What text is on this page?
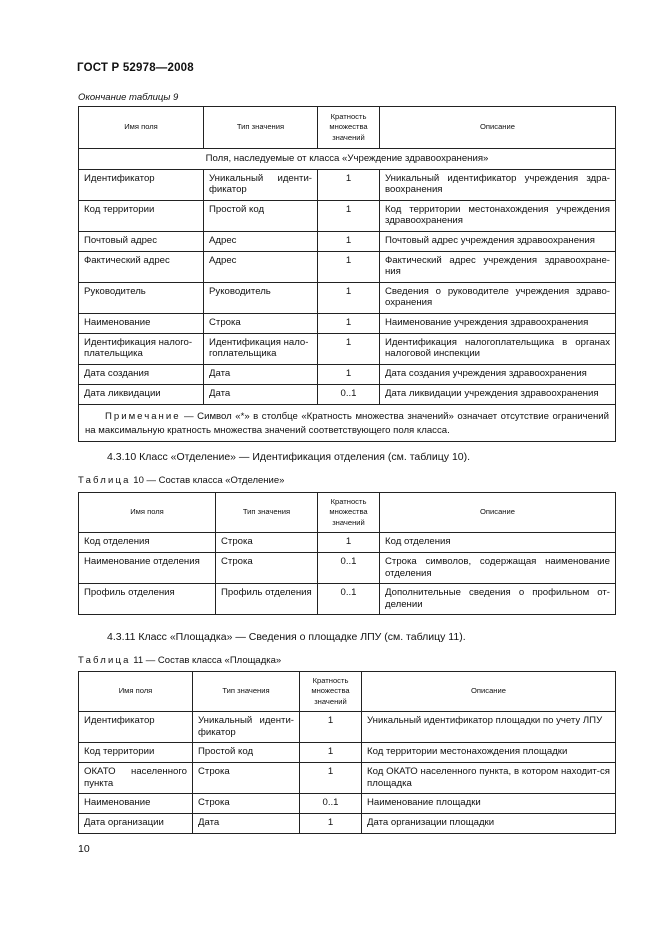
ГОСТ Р 52978—2008
Окончание таблицы 9
Имя поля	Тип значения	Кратность множества значений	Описание
Поля, наследуемые от класса «Учреждение здравоохранения»			
Идентификатор	Уникальный иденти-фикатор	1	Уникальный идентификатор учреждения здра-воохранения
Код территории	Простой код	1	Код территории местонахождения учреждения здравоохранения
Почтовый адрес	Адрес	1	Почтовый адрес учреждения здравоохранения
Фактический адрес	Адрес	1	Фактический адрес учреждения здравоохране-ния
Руководитель	Руководитель	1	Сведения о руководителе учреждения здраво-охранения
Наименование	Строка	1	Наименование учреждения здравоохранения
Идентификация налого-плательщика	Идентификация нало-гоплательщика	1	Идентификация налогоплательщика в органах налоговой инспекции
Дата создания	Дата	1	Дата создания учреждения здравоохранения
Дата ликвидации	Дата	0..1	Дата ликвидации учреждения здравоохранения
Примечание — Символ «*» в столбце «Кратность множества значений» означает отсутствие ограничений на максимальную кратность множества значений соответствующего поля класса.			
4.3.10 Класс «Отделение» — Идентификация отделения (см. таблицу 10).
Таблица 10 — Состав класса «Отделение»
Имя поля	Тип значения	Кратность множества значений	Описание
Код отделения	Строка	1	Код отделения
Наименование отделения	Строка	0..1	Строка символов, содержащая наименование отделения
Профиль отделения	Профиль отделения	0..1	Дополнительные сведения о профильном от-делении
4.3.11 Класс «Площадка» — Сведения о площадке ЛПУ (см. таблицу 11).
Таблица 11 — Состав класса «Площадка»
Имя поля	Тип значения	Кратность множества значений	Описание
Идентификатор	Уникальный иденти-фикатор	1	Уникальный идентификатор площадки по учету ЛПУ
Код территории	Простой код	1	Код территории местонахождения площадки
ОКАТО населенного пункта	Строка	1	Код ОКАТО населенного пункта, в котором находит-ся площадка
Наименование	Строка	0..1	Наименование площадки
Дата организации	Дата	1	Дата организации площадки
10
